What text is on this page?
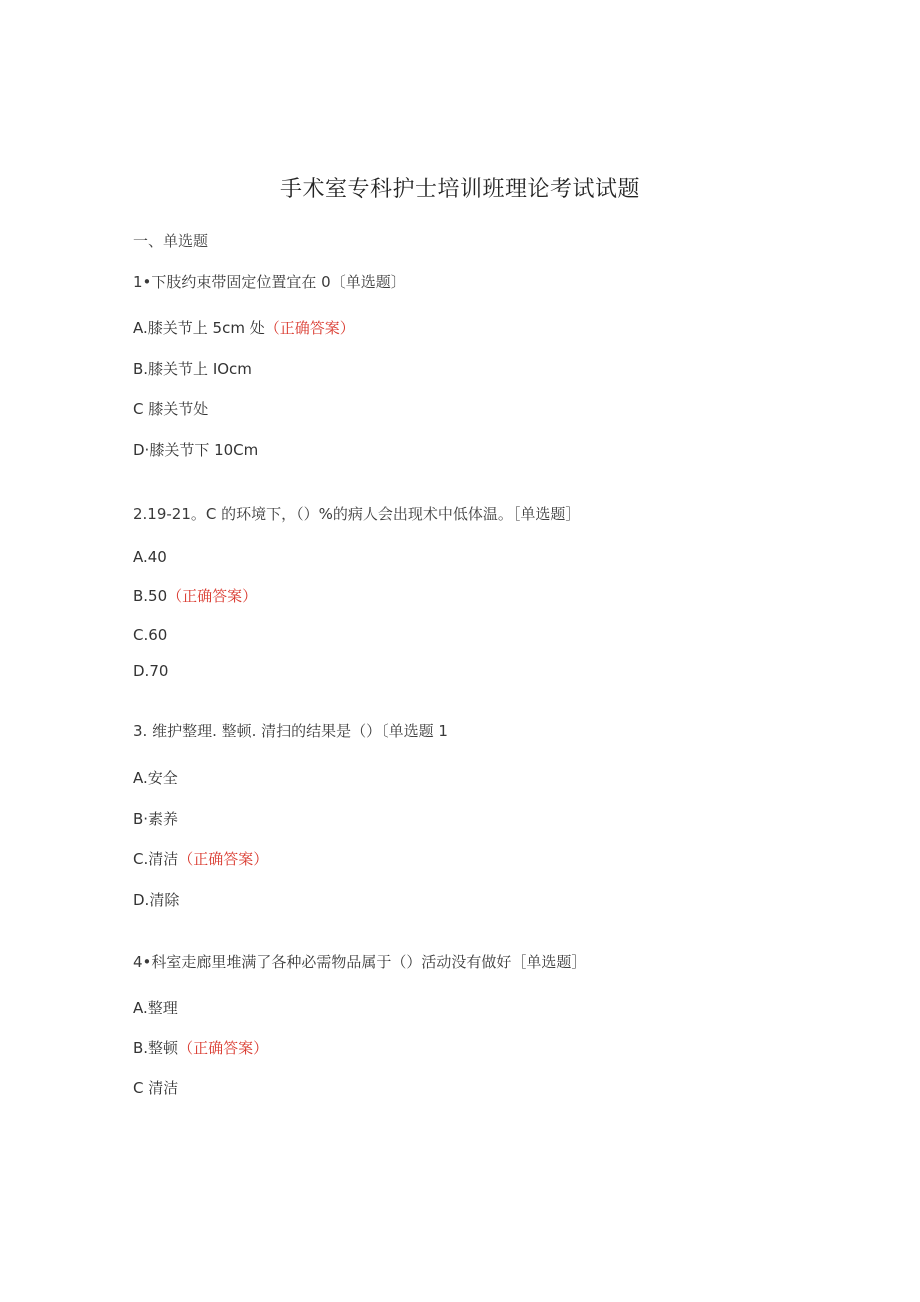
手术室专科护士培训班理论考试试题
一、单选题
1•下肢约束带固定位置宜在 0〔单选题〕
A.膝关节上 5cm 处（正确答案）
B.膝关节上 IOcm
C 膝关节处
D·膝关节下 10Cm
2.19-21。C 的环境下，（）%的病人会出现术中低体温。［单选题］
A.40
B.50（正确答案）
C.60
D.70
3. 维护整理. 整顿. 清扫的结果是（）〔单选题 1
A.安全
B·素养
C.清洁（正确答案）
D.清除
4•科室走廊里堆满了各种必需物品属于（）活动没有做好［单选题］
A.整理
B.整顿（正确答案）
C 清洁
